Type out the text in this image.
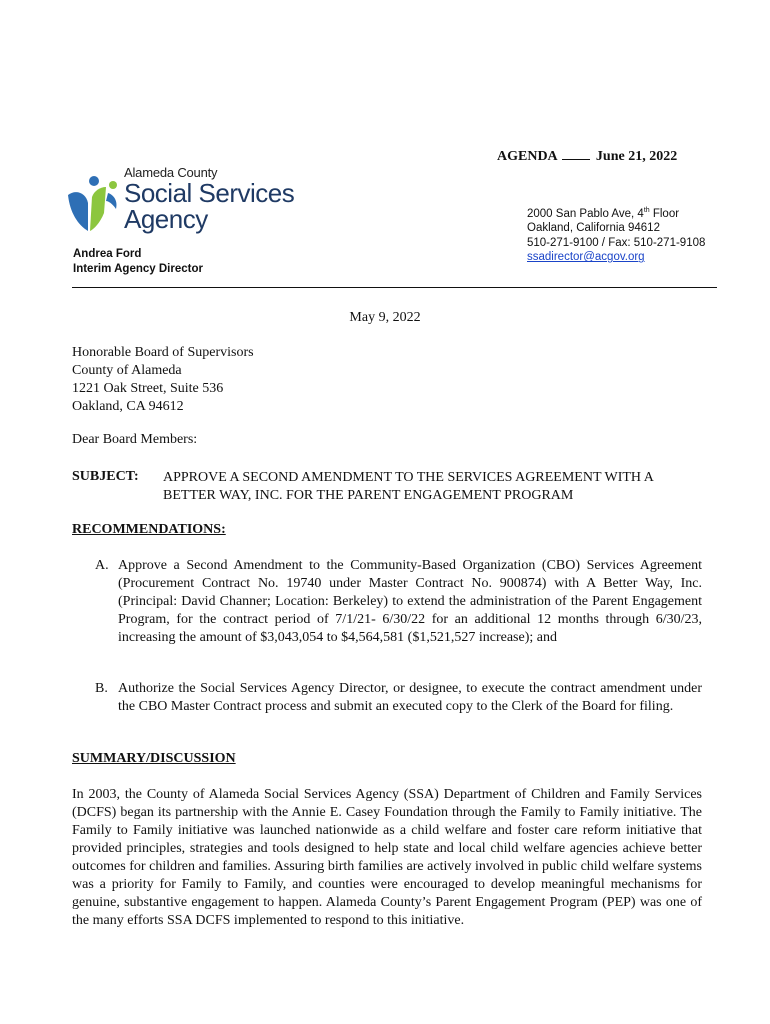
AGENDA	June 21, 2022
Alameda County
Social Services
Agency	2000 San Pablo Ave, 4th Floor
Oakland, California 94612
510-271-9100 / Fax: 510-271-9108
ssadirector@acgov.org
Andrea Ford
Interim Agency Director
May 9, 2022
Honorable Board of Supervisors
County of Alameda
1221 Oak Street, Suite 536
Oakland, CA 94612
Dear Board Members:
SUBJECT: APPROVE A SECOND AMENDMENT TO THE SERVICES AGREEMENT WITH A BETTER WAY, INC. FOR THE PARENT ENGAGEMENT PROGRAM
RECOMMENDATIONS:
A. Approve a Second Amendment to the Community-Based Organization (CBO) Services Agreement (Procurement Contract No. 19740 under Master Contract No. 900874) with A Better Way, Inc. (Principal: David Channer; Location: Berkeley) to extend the administration of the Parent Engagement Program, for the contract period of 7/1/21- 6/30/22 for an additional 12 months through 6/30/23, increasing the amount of $3,043,054 to $4,564,581 ($1,521,527 increase); and
B. Authorize the Social Services Agency Director, or designee, to execute the contract amendment under the CBO Master Contract process and submit an executed copy to the Clerk of the Board for filing.
SUMMARY/DISCUSSION
In 2003, the County of Alameda Social Services Agency (SSA) Department of Children and Family Services (DCFS) began its partnership with the Annie E. Casey Foundation through the Family to Family initiative. The Family to Family initiative was launched nationwide as a child welfare and foster care reform initiative that provided principles, strategies and tools designed to help state and local child welfare agencies achieve better outcomes for children and families. Assuring birth families are actively involved in public child welfare systems was a priority for Family to Family, and counties were encouraged to develop meaningful mechanisms for genuine, substantive engagement to happen. Alameda County’s Parent Engagement Program (PEP) was one of the many efforts SSA DCFS implemented to respond to this initiative.
